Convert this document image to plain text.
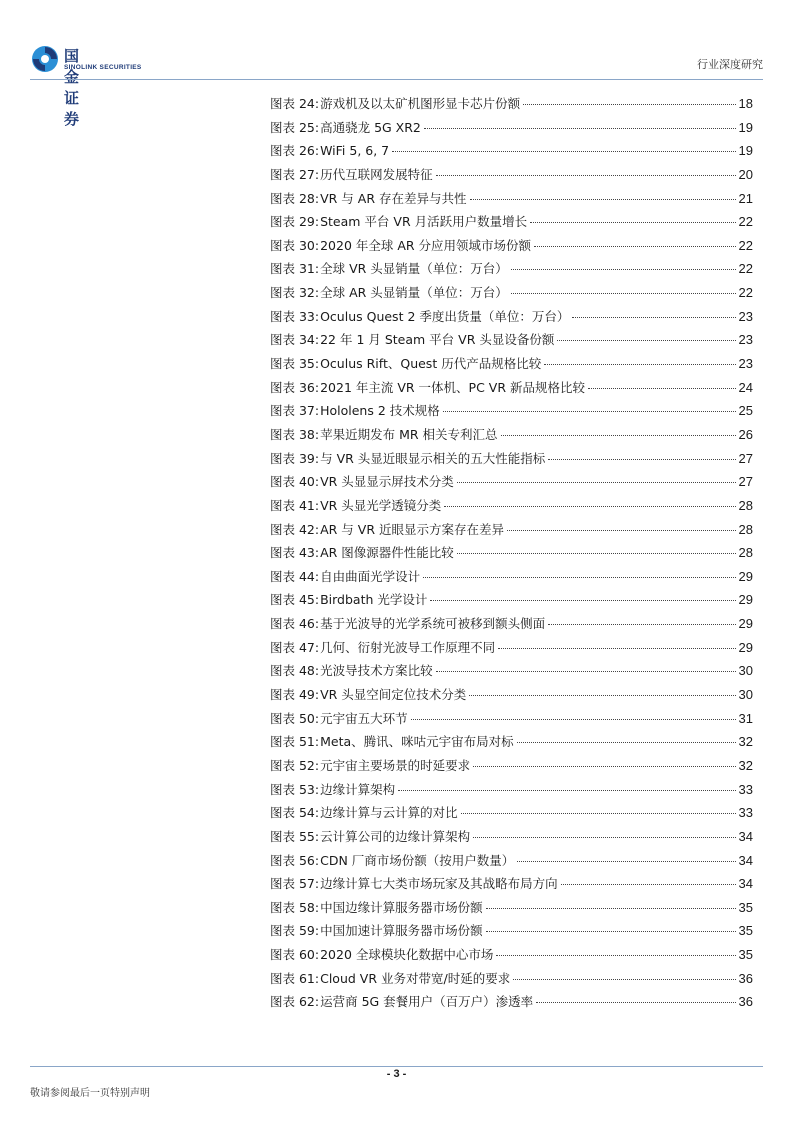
国金证券
SINOLINK SECURITIES	行业深度研究
图表 24: 游戏机及以太矿机图形显卡芯片份额	18
图表 25: 高通骁龙 5G XR2	19
图表 26: WiFi 5, 6, 7	19
图表 27: 历代互联网发展特征	20
图表 28: VR 与 AR 存在差异与共性	21
图表 29: Steam 平台 VR 月活跃用户数量增长	22
图表 30: 2020 年全球 AR 分应用领域市场份额	22
图表 31: 全球 VR 头显销量（单位：万台）	22
图表 32: 全球 AR 头显销量（单位：万台）	22
图表 33: Oculus Quest 2 季度出货量（单位：万台）	23
图表 34: 22 年 1 月 Steam 平台 VR 头显设备份额	23
图表 35: Oculus Rift、Quest 历代产品规格比较	23
图表 36: 2021 年主流 VR 一体机、PC VR 新品规格比较	24
图表 37: Hololens 2 技术规格	25
图表 38: 苹果近期发布 MR 相关专利汇总	26
图表 39: 与 VR 头显近眼显示相关的五大性能指标	27
图表 40: VR 头显显示屏技术分类	27
图表 41: VR 头显光学透镜分类	28
图表 42: AR 与 VR 近眼显示方案存在差异	28
图表 43: AR 图像源器件性能比较	28
图表 44: 自由曲面光学设计	29
图表 45: Birdbath 光学设计	29
图表 46: 基于光波导的光学系统可被移到额头侧面	29
图表 47: 几何、衍射光波导工作原理不同	29
图表 48: 光波导技术方案比较	30
图表 49: VR 头显空间定位技术分类	30
图表 50: 元宇宙五大环节	31
图表 51: Meta、腾讯、咪咕元宇宙布局对标	32
图表 52: 元宇宙主要场景的时延要求	32
图表 53: 边缘计算架构	33
图表 54: 边缘计算与云计算的对比	33
图表 55: 云计算公司的边缘计算架构	34
图表 56: CDN 厂商市场份额（按用户数量）	34
图表 57: 边缘计算七大类市场玩家及其战略布局方向	34
图表 58: 中国边缘计算服务器市场份额	35
图表 59: 中国加速计算服务器市场份额	35
图表 60: 2020 全球模块化数据中心市场	35
图表 61: Cloud VR 业务对带宽/时延的要求	36
图表 62: 运营商 5G 套餐用户（百万户）渗透率	36
- 3 -
敬请参阅最后一页特别声明
